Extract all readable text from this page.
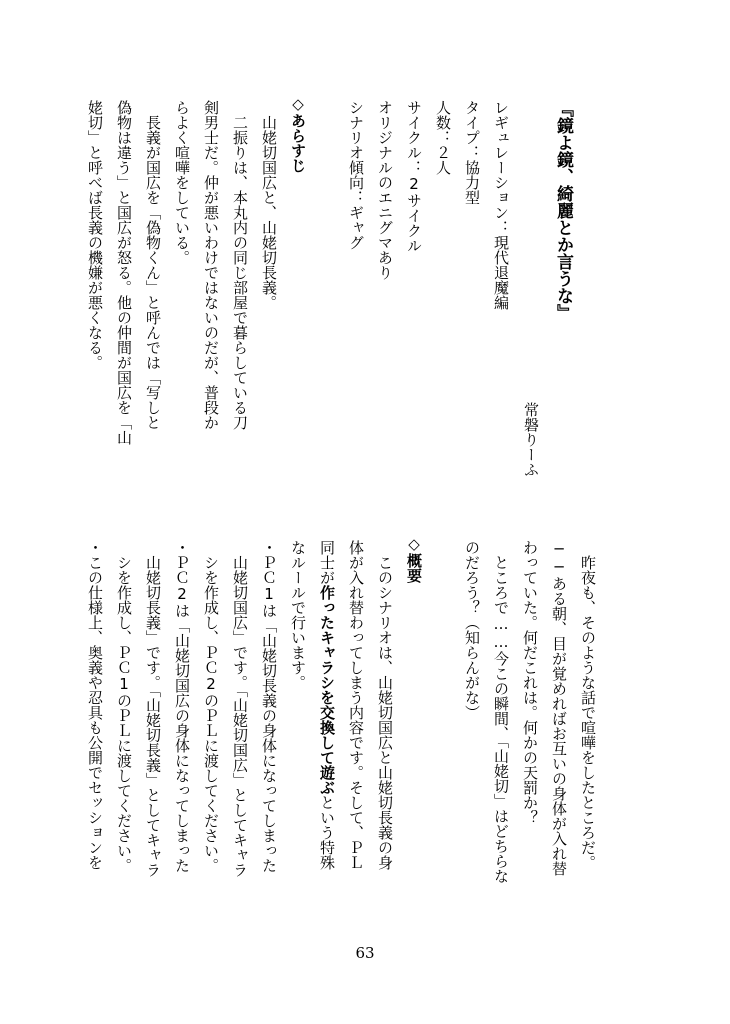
『鏡よ鏡、綺麗とか言うな』
常磐りーふ
レギュレーション：現代退魔編
タイプ：協力型
人数：２人
サイクル：2サイクル
オリジナルのエニグマあり
シナリオ傾向：ギャグ
◇あらすじ
　山姥切国広と、山姥切長義。
　二振りは、本丸内の同じ部屋で暮らしている刀
剣男士だ。仲が悪いわけではないのだが、普段か
らよく喧嘩をしている。
　長義が国広を「偽物くん」と呼んでは「写しと
偽物は違う」と国広が怒る。他の仲間が国広を「山
姥切」と呼べば長義の機嫌が悪くなる。
　昨夜も、そのような話で喧嘩をしたところだ。
──ある朝、目が覚めればお互いの身体が入れ替
わっていた。何だこれは。何かの天罰か？
　ところで……今この瞬間、「山姥切」はどちらな
のだろう？（知らんがな）
◇概要
　このシナリオは、山姥切国広と山姥切長義の身
体が入れ替わってしまう内容です。そして、ＰＬ
同士が作ったキャラシを交換して遊ぶという特殊
なルールで行います。
・ＰＣ1は「山姥切長義の身体になってしまった
　山姥切国広」です。「山姥切国広」としてキャラ
　シを作成し、ＰＣ2のＰＬに渡してください。
・ＰＣ2は「山姥切国広の身体になってしまった
　山姥切長義」です。「山姥切長義」としてキャラ
　シを作成し、ＰＣ1のＰＬに渡してください。
・この仕様上、奥義や忍具も公開でセッションを
63
